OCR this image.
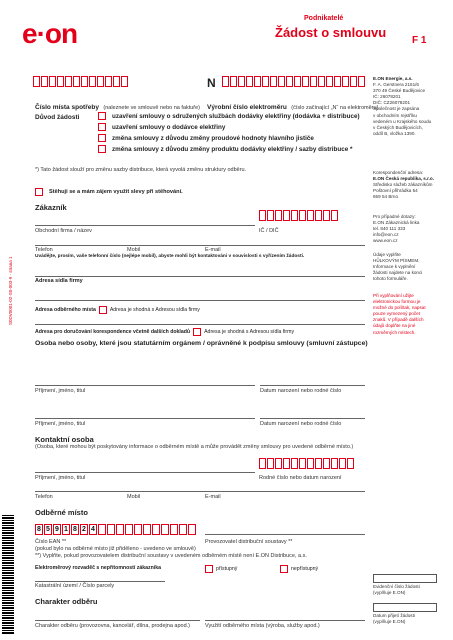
e·on	Podnikatelé
Žádost o smlouvu
F 1
S0DV0001-02-S0-003-9 · strana 1
Číslo místa spotřeby (naleznete ve smlouvě nebo na faktuře)
N
Výrobní číslo elektroměru (číslo začínající „N“ na elektroměru)
Důvod žádosti	uzavření smlouvy o sdružených službách dodávky elektřiny (dodávka + distribuce)
uzavření smlouvy o dodávce elektřiny
změna smlouvy z důvodu změny proudové hodnoty hlavního jističe
změna smlouvy z důvodu změny produktu dodávky elektřiny / sazby distribuce *
*) Tato žádost slouží pro změnu sazby distribuce, která vyvolá změnu struktury odběru.
Stěhuji se a mám zájem využít slevy při stěhování.
Zákazník
Obchodní firma / název	IČ / DIČ
Telefon	Mobil	E-mail
Uvádějte, prosím, vaše telefonní číslo (nejlépe mobil), abyste mohli být kontaktováni v souvislosti s vyřízením žádosti.
Adresa sídla firmy
Adresa odběrného místa	Adresa je shodná s Adresou sídla firmy
Adresa pro doručování korespondence včetně dalších dokladů	Adresa je shodná s Adresou sídla firmy
Osoba nebo osoby, které jsou statutárním orgánem / oprávněné k podpisu smlouvy (smluvní zástupce)
Příjmení, jméno, titul	Datum narození nebo rodné číslo
Příjmení, jméno, titul	Datum narození nebo rodné číslo
Kontaktní osoba
(Osoba, které mohou být poskytovány informace o odběrném místě a může provádět změny smlouvy pro uvedené odběrné místo.)
Příjmení, jméno, titul	Rodné číslo nebo datum narození
Telefon	Mobil	E-mail
Odběrné místo
8 5 9 1 8 2 4
Číslo EAN **	Provozovatel distribuční soustavy **
(pokud bylo na odběrné místo již přiděleno - uvedeno ve smlouvě)
**) Vyplňte, pokud provozovatelem distribuční soustavy v uvedeném odběrném místě není E.ON Distribuce, a.s.
Elektroměrový rozvaděč s nepřítomností zákazníka	přístupný	nepřístupný
Katastrální území / Číslo parcely
Charakter odběru
Charakter odběru (provozovna, kancelář, dílna, prodejna apod.)	Využití odběrného místa (výroba, služby apod.)
E.ON Energie, a.s.
F. A. Gerstnera 2151/6
370 49 České Budějovice
IČ: 26078201
DIČ: CZ26078201
Společnost je zapsána
v obchodním rejstříku
vedeném u Krajského soudu
v Českých Budějovicích,
oddíl B, vložka 1390.
Korespondenční adresa:
E.ON Česká republika, s.r.o.
Středisko služeb zákazníkům
Poštovní přihrádka 54
659 54 Brno
Pro případné dotazy:
E.ON Zákaznická linka
tel. 840 111 333
info@eon.cz
www.eon.cz
Údaje vyplňte
HŮLKOVÝM PÍSMEM.
Informace k vyplnění
žádosti najdete na konci
tohoto formuláře.
Při vyplňování užijte
elektronickou formou je
možné do polí/tak, napsat
pouze vymezený počet
znaků. V případě dalších
údajů doplňte na jiné
rozměrných místech.
Evidenční číslo žádosti
(vyplňuje E.ON)
Datum přijetí žádosti
(vyplňuje E.ON)
